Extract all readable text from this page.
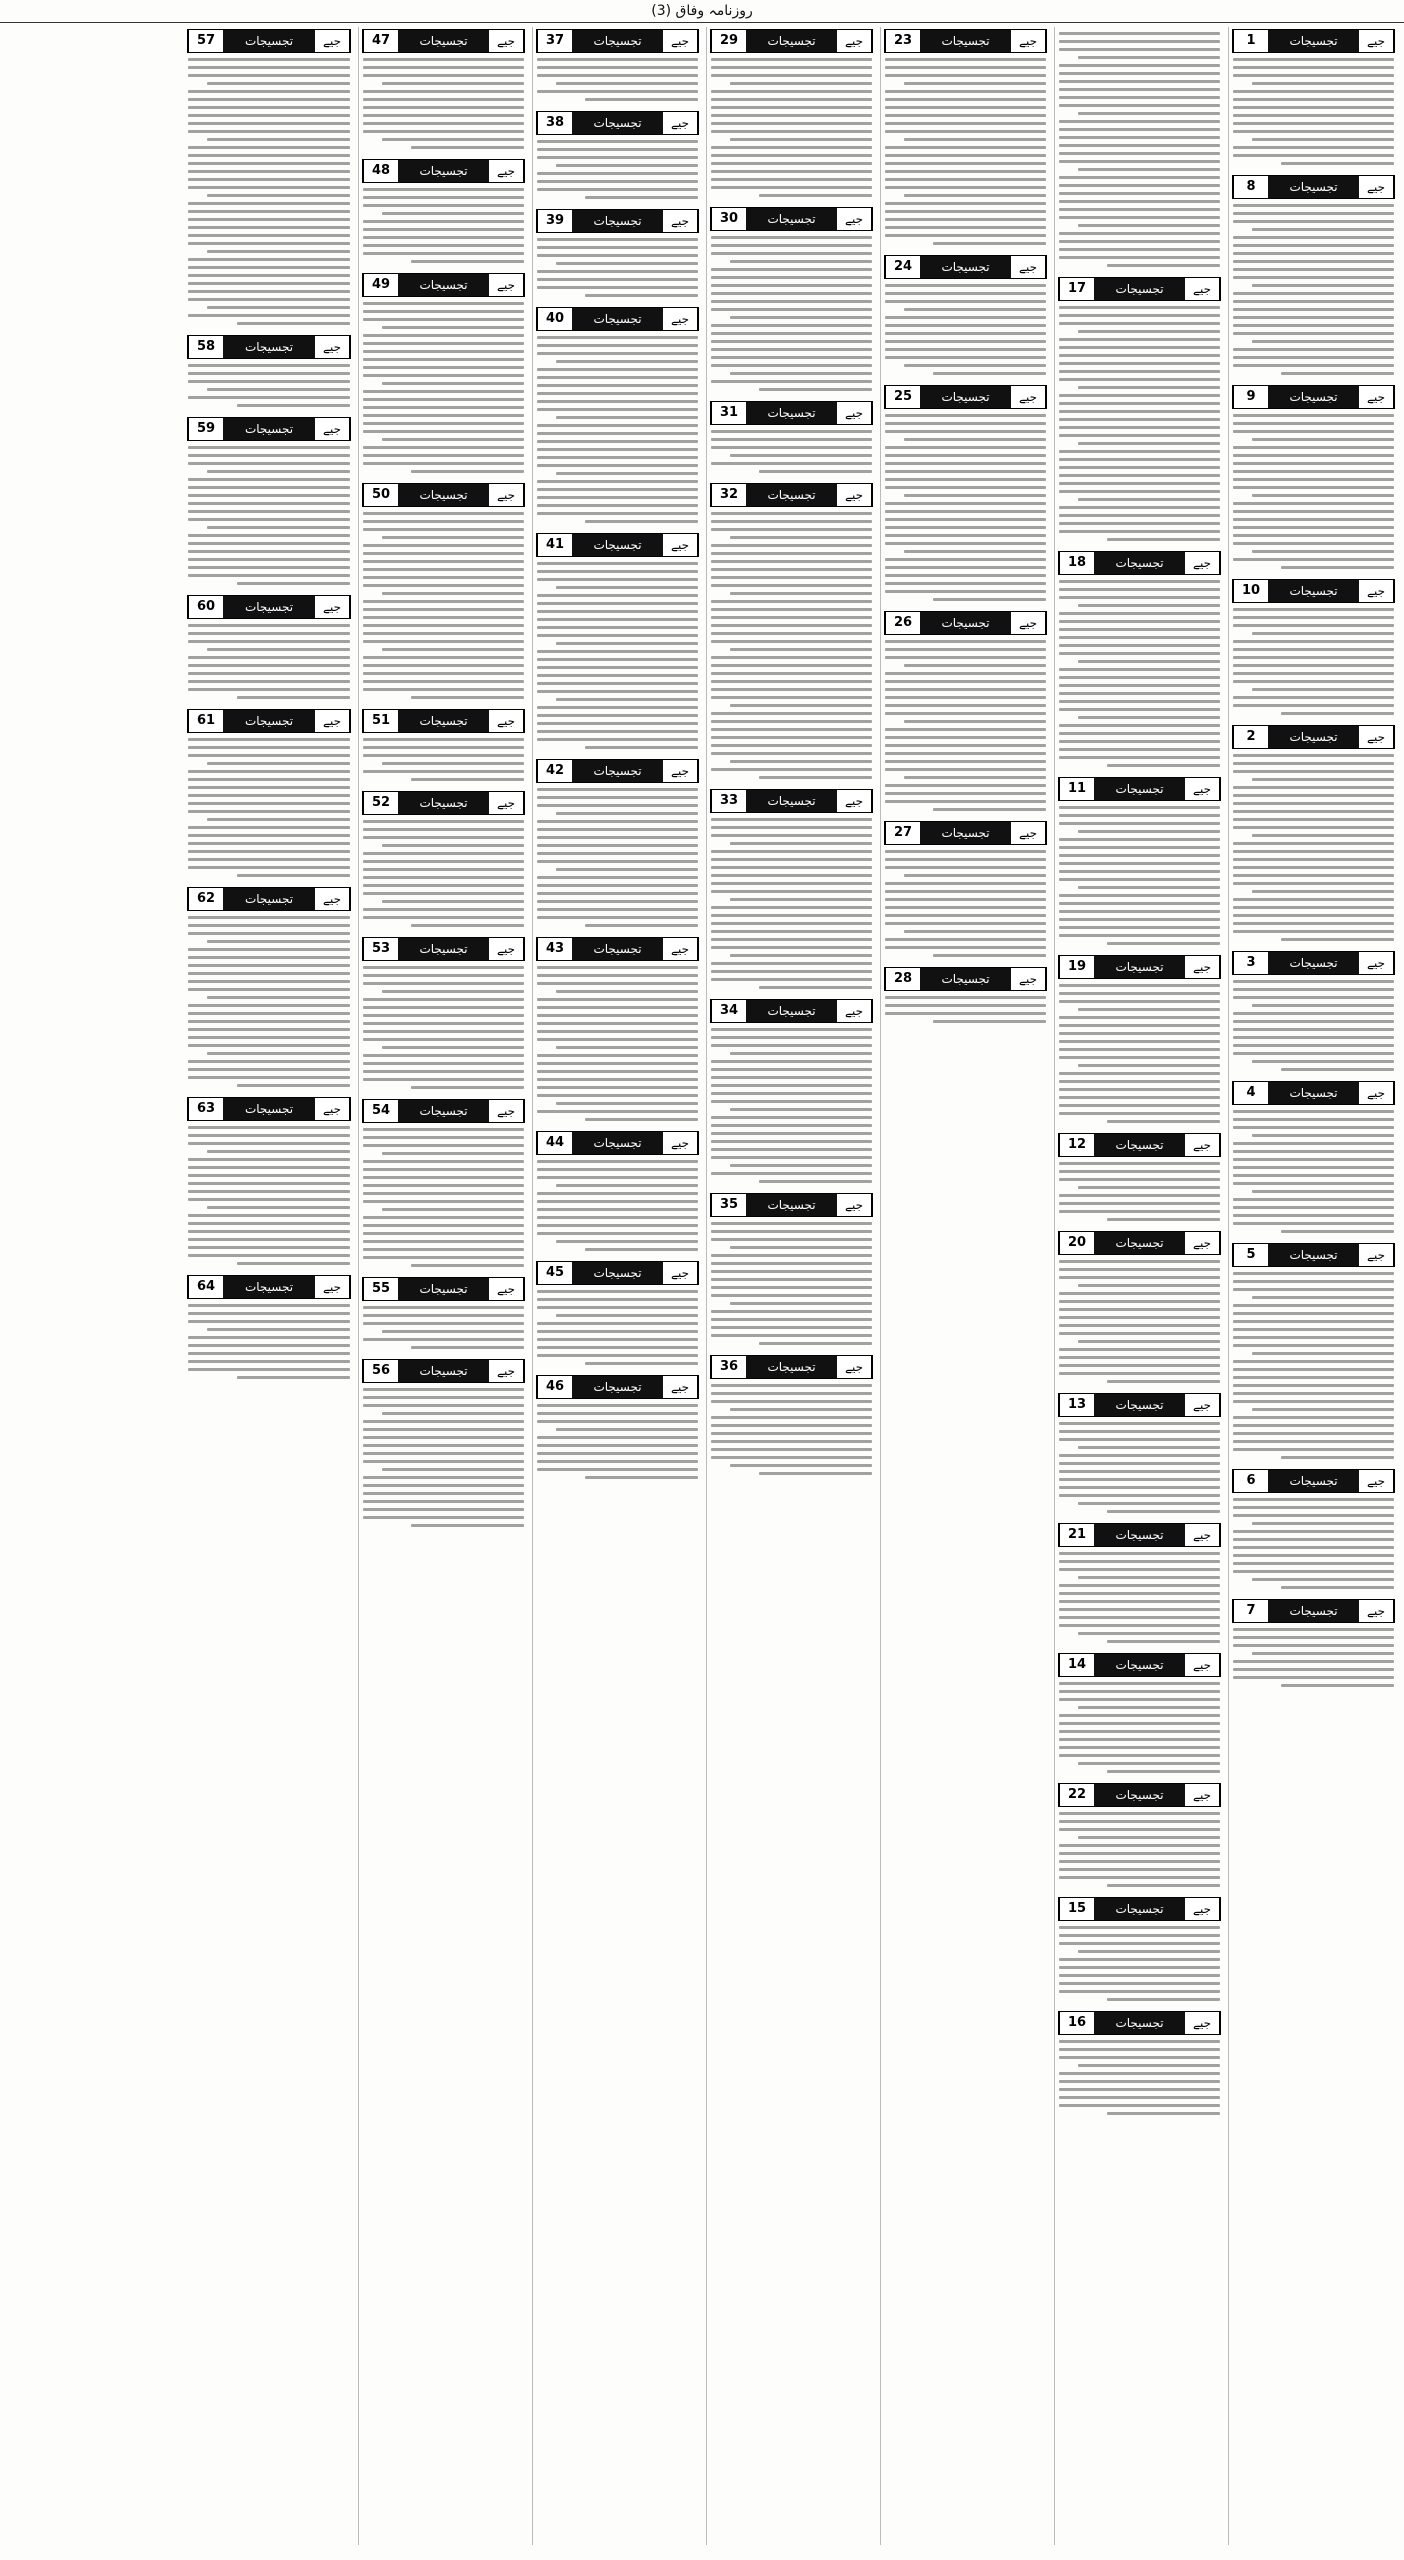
روزنامہ وفاق (3)
1	تجسیجات	جیے
8	تجسیجات	جیے
9	تجسیجات	جیے
10	تجسیجات	جیے
2	تجسیجات	جیے
3	تجسیجات	جیے
4	تجسیجات	جیے
5	تجسیجات	جیے
6	تجسیجات	جیے
7	تجسیجات	جیے
17	تجسیجات	جیے
18	تجسیجات	جیے
11	تجسیجات	جیے
19	تجسیجات	جیے
12	تجسیجات	جیے
20	تجسیجات	جیے
13	تجسیجات	جیے
21	تجسیجات	جیے
14	تجسیجات	جیے
22	تجسیجات	جیے
15	تجسیجات	جیے
16	تجسیجات	جیے
23	تجسیجات	جیے
24	تجسیجات	جیے
25	تجسیجات	جیے
26	تجسیجات	جیے
27	تجسیجات	جیے
28	تجسیجات	جیے
29	تجسیجات	جیے
30	تجسیجات	جیے
31	تجسیجات	جیے
32	تجسیجات	جیے
33	تجسیجات	جیے
34	تجسیجات	جیے
35	تجسیجات	جیے
36	تجسیجات	جیے
37	تجسیجات	جیے
38	تجسیجات	جیے
39	تجسیجات	جیے
40	تجسیجات	جیے
41	تجسیجات	جیے
42	تجسیجات	جیے
43	تجسیجات	جیے
44	تجسیجات	جیے
45	تجسیجات	جیے
46	تجسیجات	جیے
47	تجسیجات	جیے
48	تجسیجات	جیے
49	تجسیجات	جیے
50	تجسیجات	جیے
51	تجسیجات	جیے
52	تجسیجات	جیے
53	تجسیجات	جیے
54	تجسیجات	جیے
55	تجسیجات	جیے
56	تجسیجات	جیے
57	تجسیجات	جیے
58	تجسیجات	جیے
59	تجسیجات	جیے
60	تجسیجات	جیے
61	تجسیجات	جیے
62	تجسیجات	جیے
63	تجسیجات	جیے
64	تجسیجات	جیے
